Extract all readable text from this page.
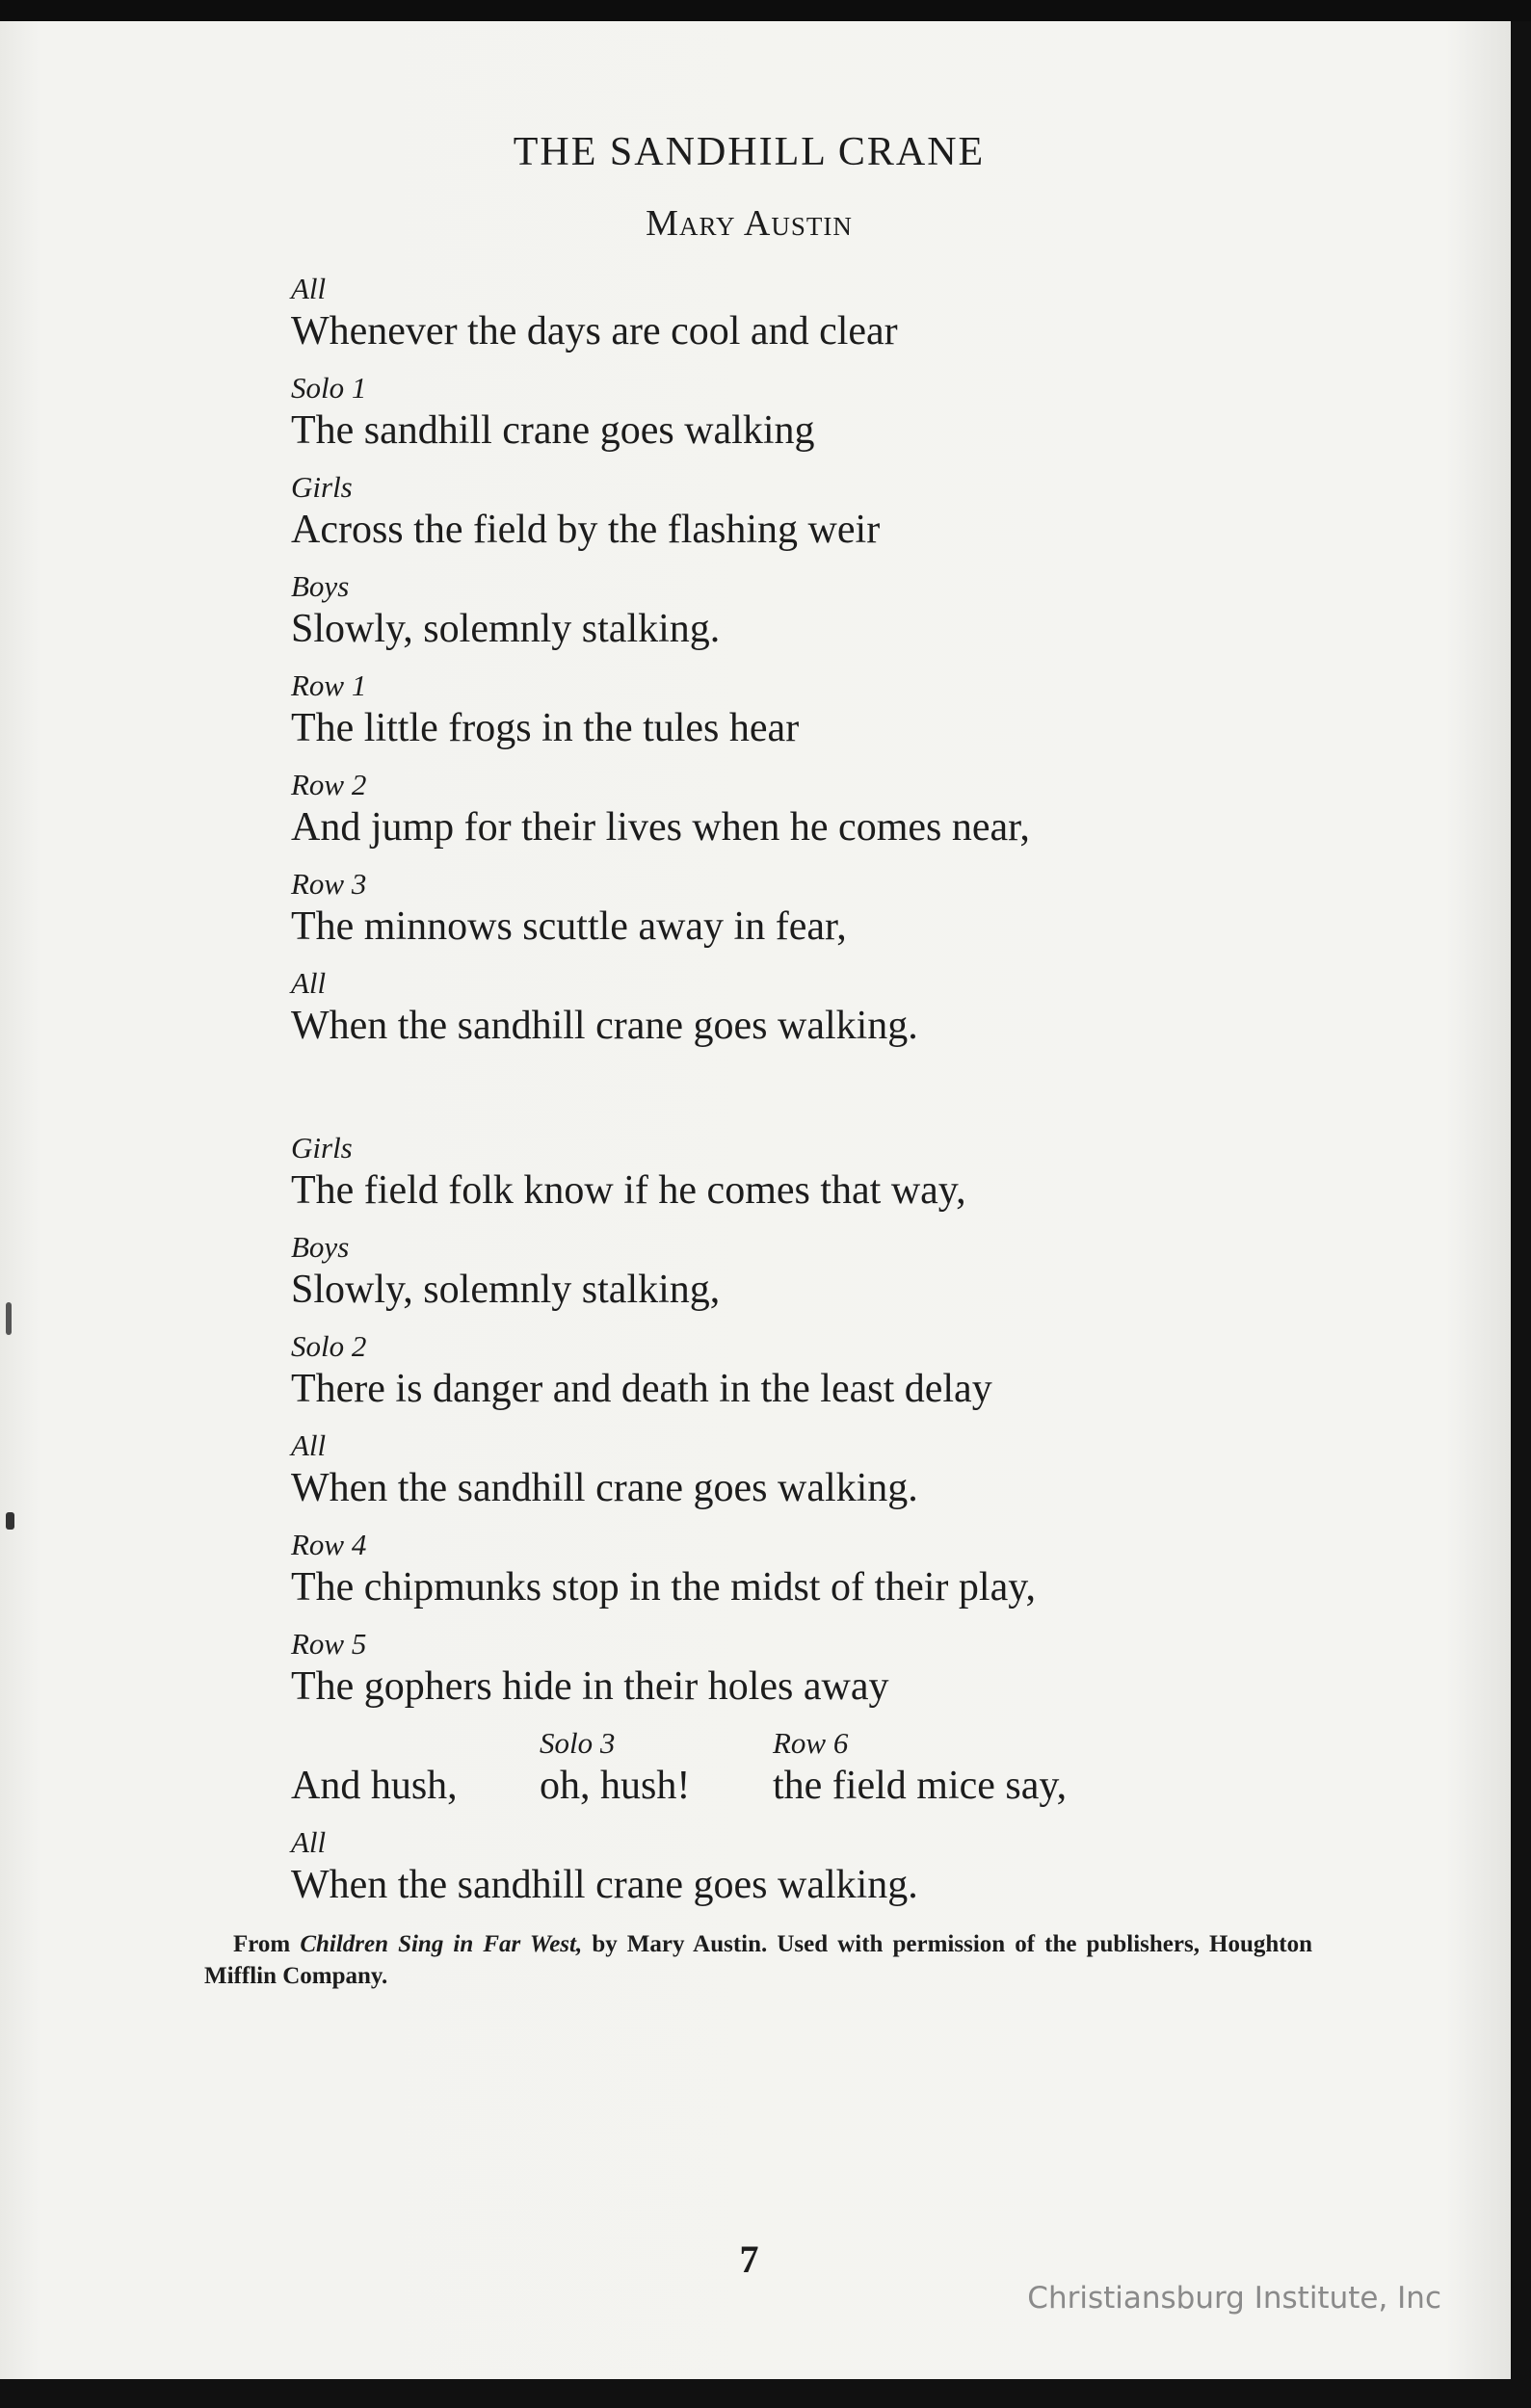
THE SANDHILL CRANE
Mary Austin
All
Whenever the days are cool and clear
Solo 1
The sandhill crane goes walking
Girls
Across the field by the flashing weir
Boys
Slowly, solemnly stalking.
Row 1
The little frogs in the tules hear
Row 2
And jump for their lives when he comes near,
Row 3
The minnows scuttle away in fear,
All
When the sandhill crane goes walking.
Girls
The field folk know if he comes that way,
Boys
Slowly, solemnly stalking,
Solo 2
There is danger and death in the least delay
All
When the sandhill crane goes walking.
Row 4
The chipmunks stop in the midst of their play,
Row 5
The gophers hide in their holes away
Solo 3	Row 6
And hush, oh, hush! the field mice say,
All
When the sandhill crane goes walking.
From Children Sing in Far West, by Mary Austin. Used with permission of the publishers, Houghton Mifflin Company.
7
Christiansburg Institute, Inc
